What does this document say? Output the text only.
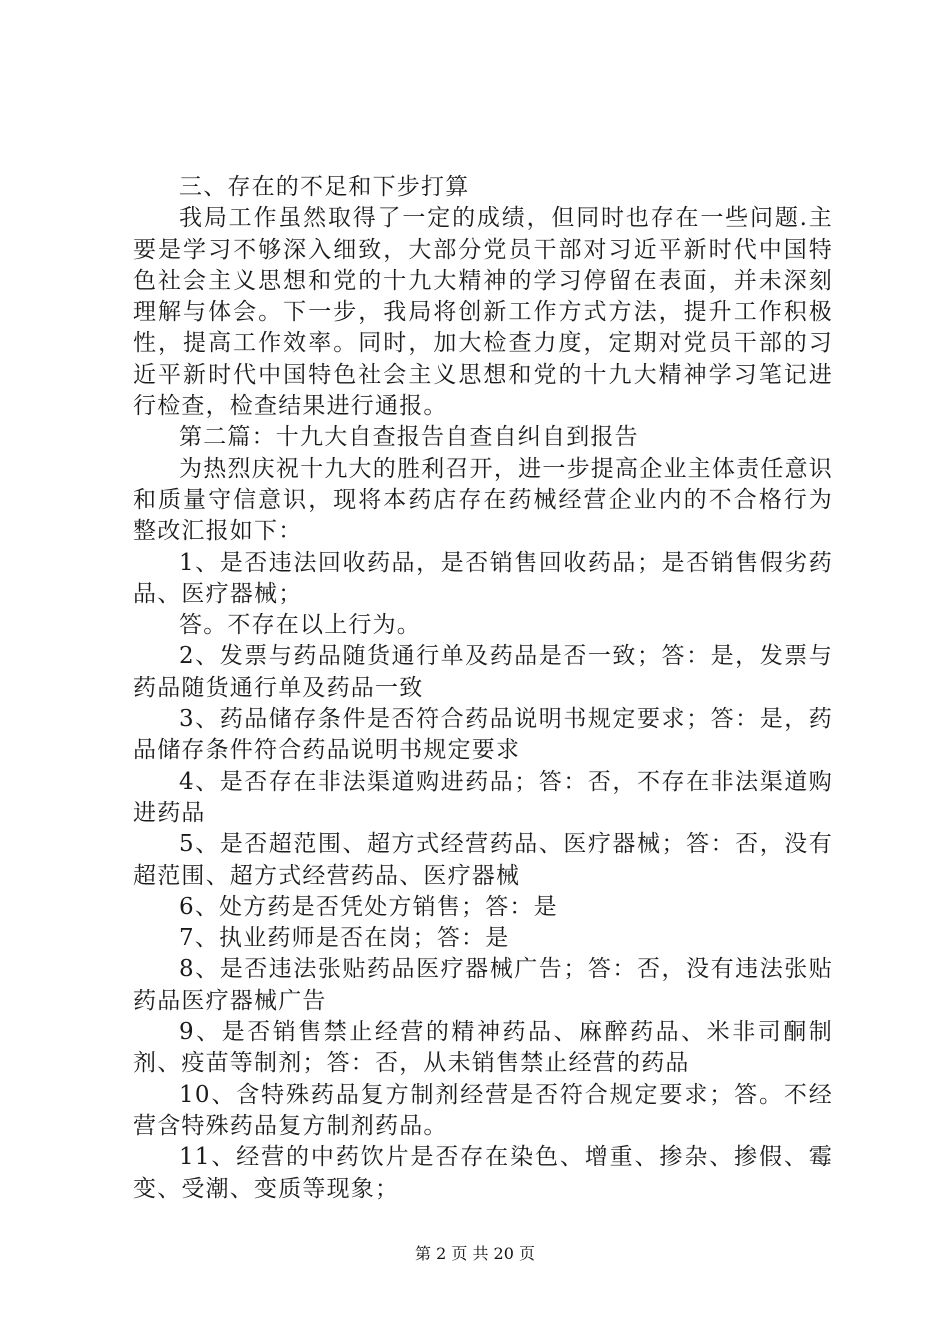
三、存在的不足和下步打算

我局工作虽然取得了一定的成绩，但同时也存在一些问题.主要是学习不够深入细致，大部分党员干部对习近平新时代中国特色社会主义思想和党的十九大精神的学习停留在表面，并未深刻理解与体会。下一步，我局将创新工作方式方法，提升工作积极性，提高工作效率。同时，加大检查力度，定期对党员干部的习近平新时代中国特色社会主义思想和党的十九大精神学习笔记进行检查，检查结果进行通报。

第二篇：十九大自查报告自查自纠自到报告

为热烈庆祝十九大的胜利召开，进一步提高企业主体责任意识和质量守信意识，现将本药店存在药械经营企业内的不合格行为整改汇报如下：

1、是否违法回收药品，是否销售回收药品；是否销售假劣药品、医疗器械；

答。不存在以上行为。

2、发票与药品随货通行单及药品是否一致；答：是，发票与药品随货通行单及药品一致

3、药品储存条件是否符合药品说明书规定要求；答：是，药品储存条件符合药品说明书规定要求

4、是否存在非法渠道购进药品；答：否，不存在非法渠道购进药品

5、是否超范围、超方式经营药品、医疗器械；答：否，没有超范围、超方式经营药品、医疗器械

6、处方药是否凭处方销售；答：是

7、执业药师是否在岗；答：是

8、是否违法张贴药品医疗器械广告；答：否，没有违法张贴药品医疗器械广告

9、是否销售禁止经营的精神药品、麻醉药品、米非司酮制剂、疫苗等制剂；答：否，从未销售禁止经营的药品

10、含特殊药品复方制剂经营是否符合规定要求；答。不经营含特殊药品复方制剂药品。

11、经营的中药饮片是否存在染色、增重、掺杂、掺假、霉变、受潮、变质等现象；

第 2 页 共 20 页
